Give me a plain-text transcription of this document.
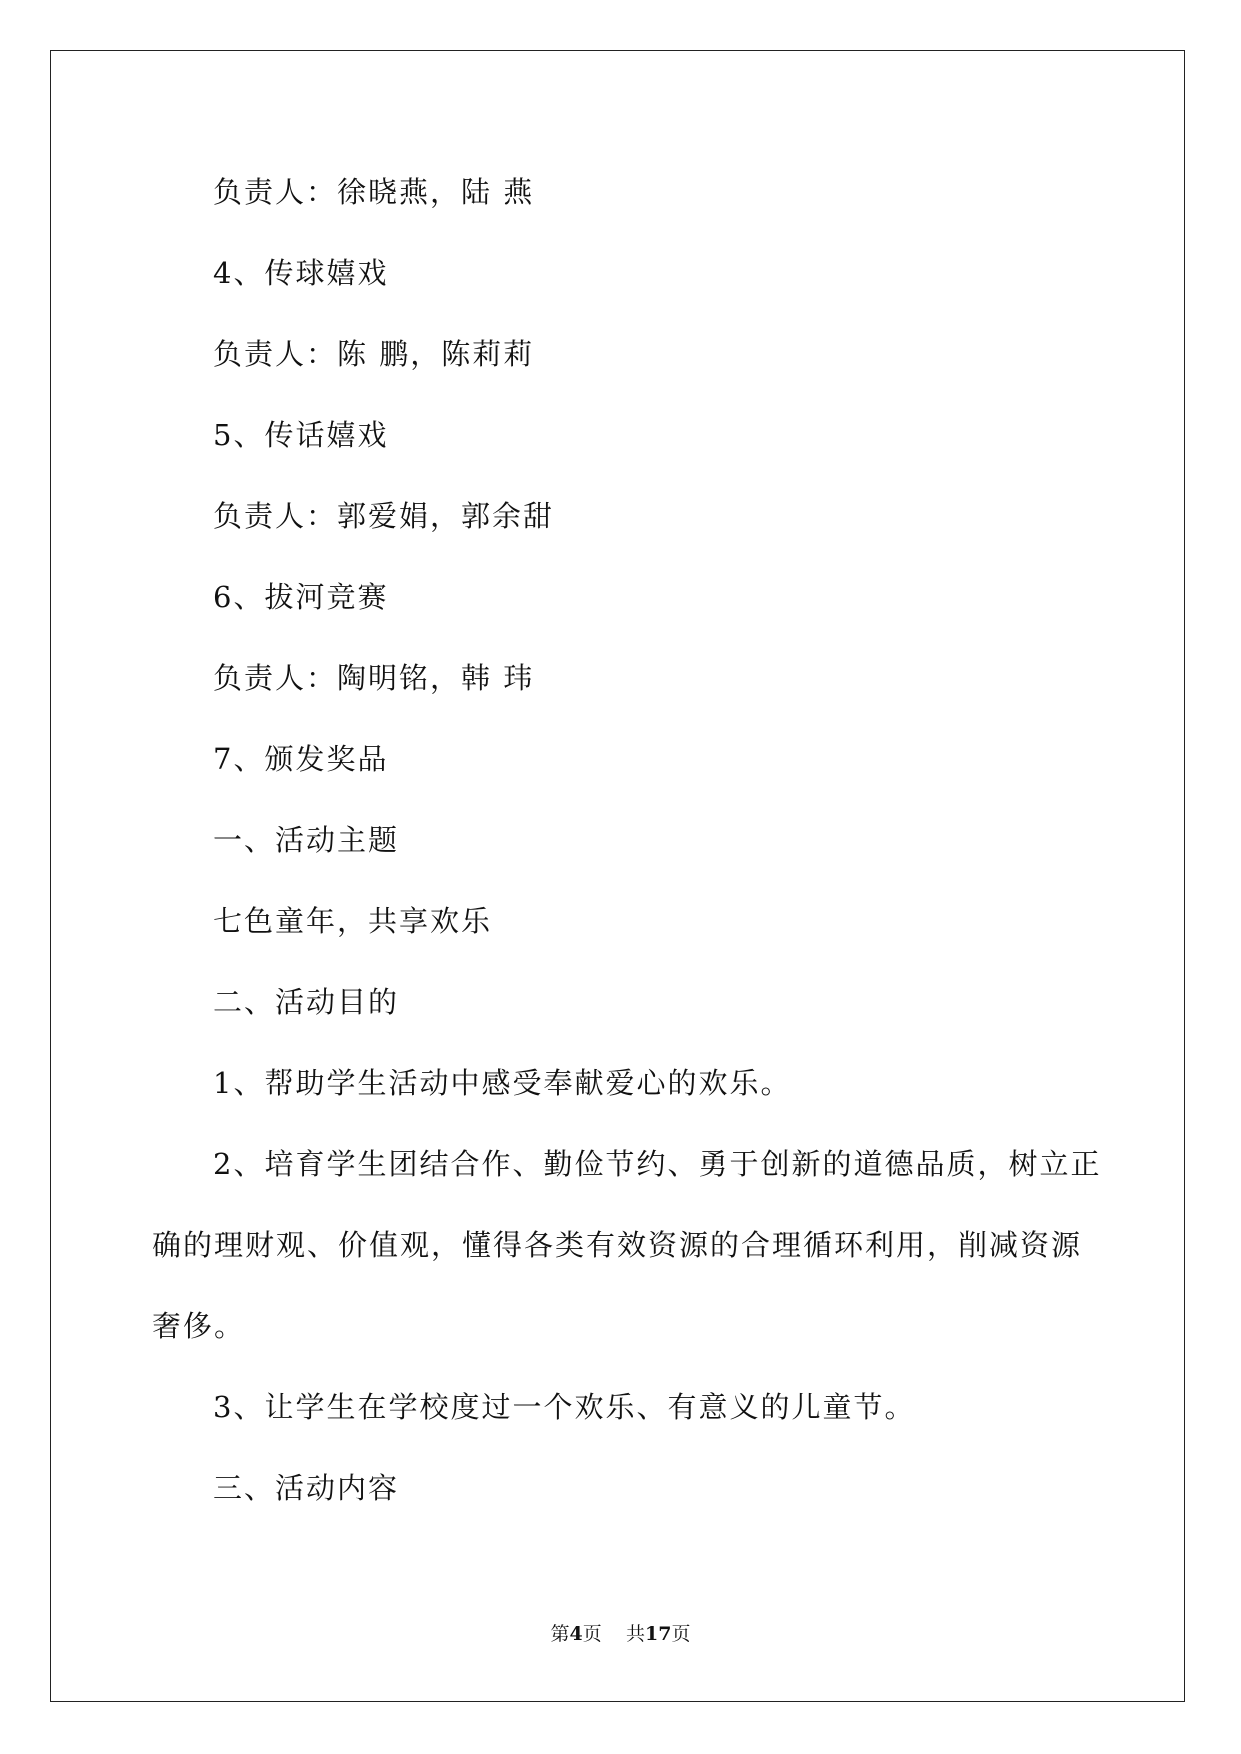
负责人：徐晓燕，陆 燕
4、传球嬉戏
负责人：陈 鹏，陈莉莉
5、传话嬉戏
负责人：郭爱娟，郭余甜
6、拔河竞赛
负责人：陶明铭，韩 玮
7、颁发奖品
一、活动主题
七色童年，共享欢乐
二、活动目的
1、帮助学生活动中感受奉献爱心的欢乐。
2、培育学生团结合作、勤俭节约、勇于创新的道德品质，树立正
确的理财观、价值观，懂得各类有效资源的合理循环利用，削减资源
奢侈。
3、让学生在学校度过一个欢乐、有意义的儿童节。
三、活动内容
第4页 共17页
